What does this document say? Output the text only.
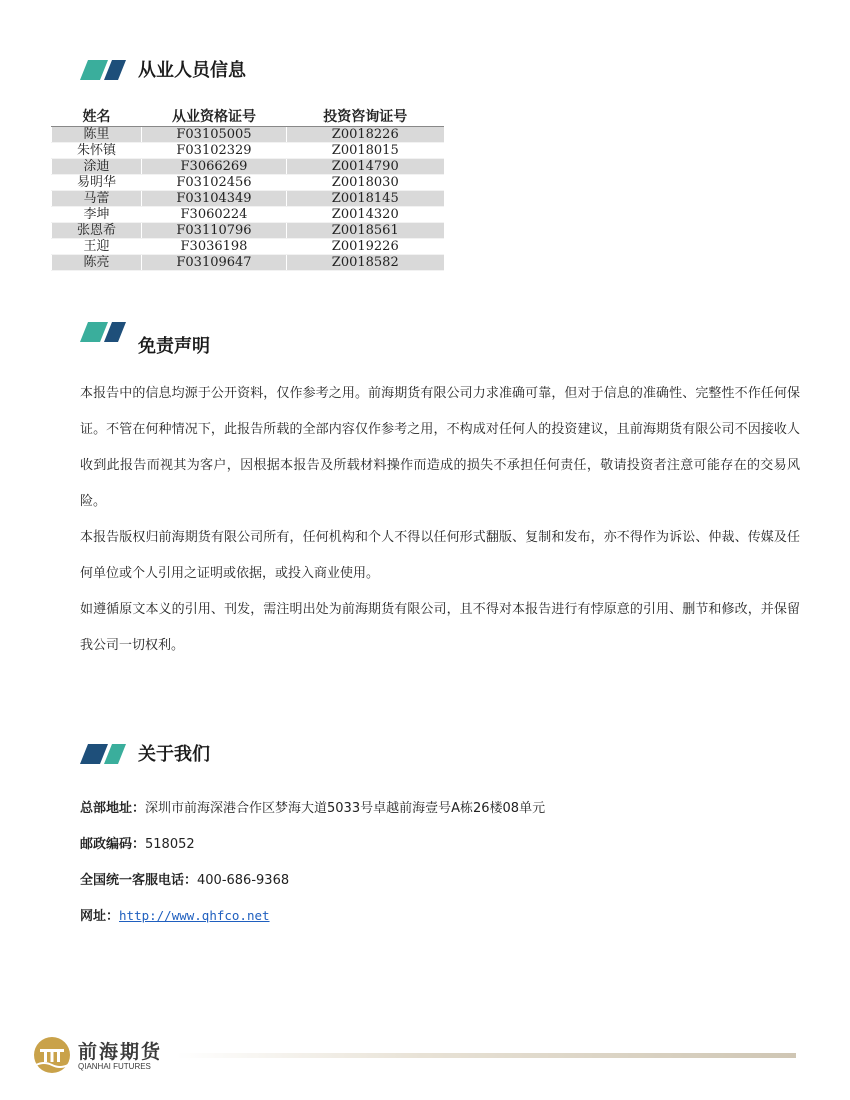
从业人员信息
姓名	从业资格证号	投资咨询证号
陈里	F03105005	Z0018226
朱怀镇	F03102329	Z0018015
涂迪	F3066269	Z0014790
易明华	F03102456	Z0018030
马蕾	F03104349	Z0018145
李坤	F3060224	Z0014320
张恩希	F03110796	Z0018561
王迎	F3036198	Z0019226
陈亮	F03109647	Z0018582
免责声明
本报告中的信息均源于公开资料，仅作参考之用。前海期货有限公司力求准确可靠，但对于信息的准确性、完整性不作任何保证。不管在何种情况下，此报告所载的全部内容仅作参考之用，不构成对任何人的投资建议，且前海期货有限公司不因接收人收到此报告而视其为客户，因根据本报告及所载材料操作而造成的损失不承担任何责任，敬请投资者注意可能存在的交易风险。
本报告版权归前海期货有限公司所有，任何机构和个人不得以任何形式翻版、复制和发布，亦不得作为诉讼、仲裁、传媒及任何单位或个人引用之证明或依据，或投入商业使用。
如遵循原文本义的引用、刊发，需注明出处为前海期货有限公司，且不得对本报告进行有悖原意的引用、删节和修改，并保留我公司一切权利。
关于我们
总部地址：深圳市前海深港合作区梦海大道5033号卓越前海壹号A栋26楼08单元
邮政编码：518052
全国统一客服电话：400-686-9368
网址：http://www.qhfco.net
前海期货
QIANHAI FUTURES
